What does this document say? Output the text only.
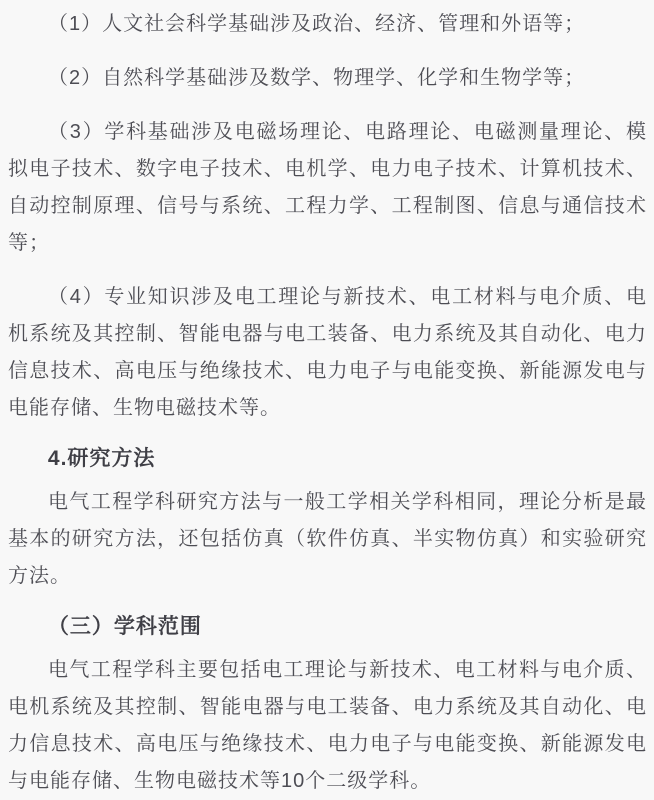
（1）人文社会科学基础涉及政治、经济、管理和外语等；

（2）自然科学基础涉及数学、物理学、化学和生物学等；

（3）学科基础涉及电磁场理论、电路理论、电磁测量理论、模拟电子技术、数字电子技术、电机学、电力电子技术、计算机技术、自动控制原理、信号与系统、工程力学、工程制图、信息与通信技术等；

（4）专业知识涉及电工理论与新技术、电工材料与电介质、电机系统及其控制、智能电器与电工装备、电力系统及其自动化、电力信息技术、高电压与绝缘技术、电力电子与电能变换、新能源发电与电能存储、生物电磁技术等。

4.研究方法

电气工程学科研究方法与一般工学相关学科相同，理论分析是最基本的研究方法，还包括仿真（软件仿真、半实物仿真）和实验研究方法。

（三）学科范围

电气工程学科主要包括电工理论与新技术、电工材料与电介质、电机系统及其控制、智能电器与电工装备、电力系统及其自动化、电力信息技术、高电压与绝缘技术、电力电子与电能变换、新能源发电与电能存储、生物电磁技术等10个二级学科。
